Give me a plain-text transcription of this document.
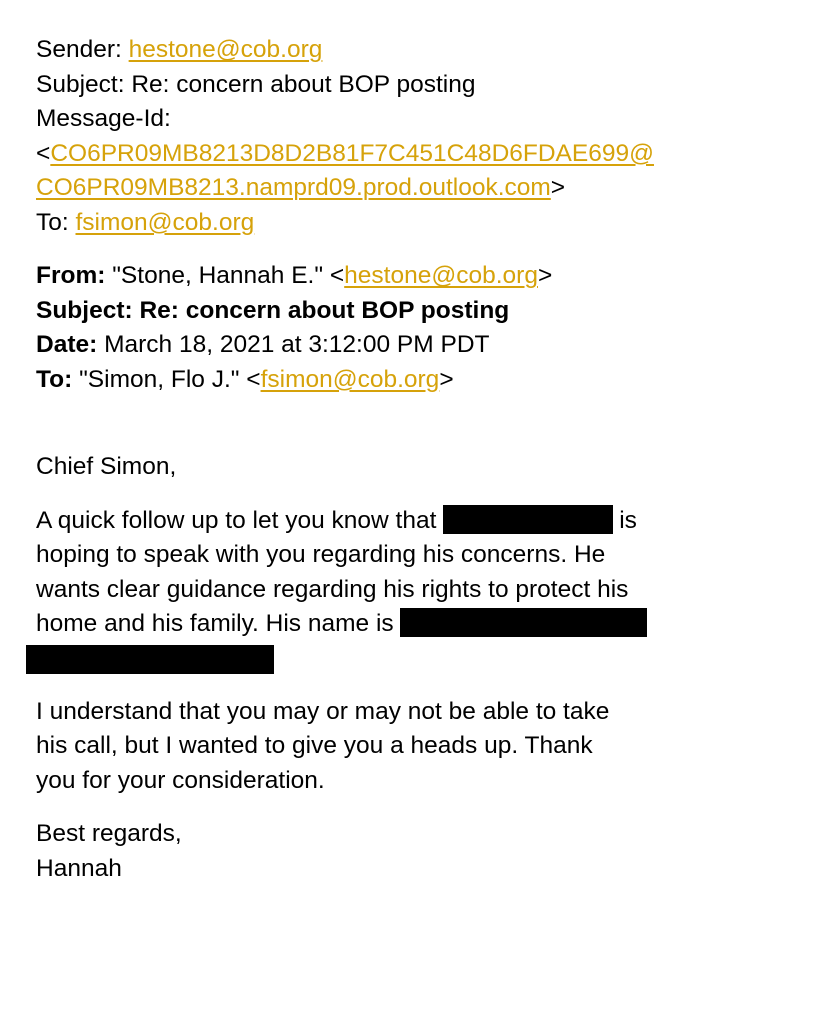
Sender: hestone@cob.org
Subject: Re: concern about BOP posting
Message-Id:
<CO6PR09MB8213D8D2B81F7C451C48D6FDAE699@
CO6PR09MB8213.namprd09.prod.outlook.com>
To: fsimon@cob.org
From: "Stone, Hannah E." <hestone@cob.org>
Subject: Re: concern about BOP posting
Date: March 18, 2021 at 3:12:00 PM PDT
To: "Simon, Flo J." <fsimon@cob.org>
Chief Simon,
A quick follow up to let you know that	is
hoping to speak with you regarding his concerns. He
wants clear guidance regarding his rights to protect his
home and his family. His name is
I understand that you may or may not be able to take
his call, but I wanted to give you a heads up. Thank
you for your consideration.
Best regards,
Hannah
